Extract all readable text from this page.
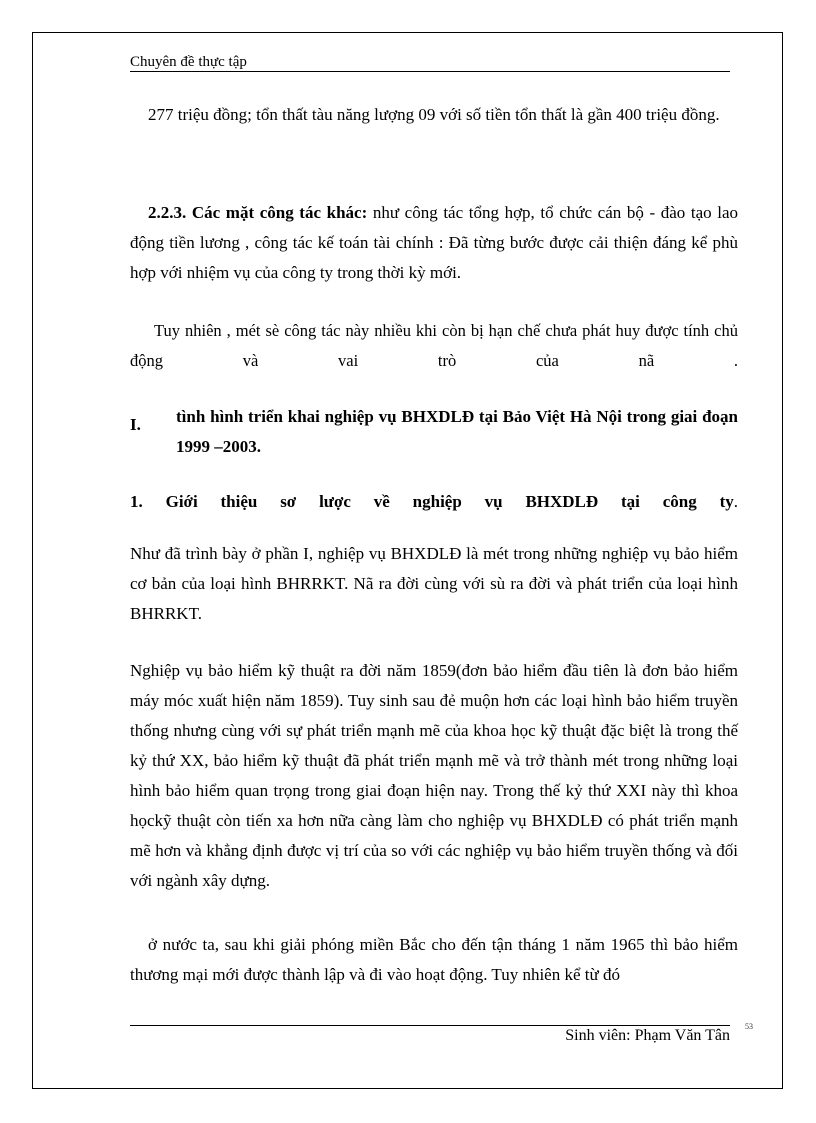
Chuyên đề thực tập

277 triệu đồng; tổn thất tàu năng lượng 09 với số tiền tổn thất là gần 400 triệu đồng.

2.2.3. Các mặt công tác khác: như công tác tổng hợp, tổ chức cán bộ - đào tạo lao động tiền lương , công tác kế toán tài chính : Đã từng bước được cải thiện đáng kể phù hợp với nhiệm vụ của công ty trong thời kỳ mới.

Tuy nhiên , mét sè công tác này nhiều khi còn bị hạn chế chưa phát huy được tính chủ động và vai trò của nã .

I. tình hình triển khai nghiệp vụ BHXDLĐ tại Bảo Việt Hà Nội trong giai đoạn 1999 –2003.

1. Giới thiệu sơ lược về nghiệp vụ BHXDLĐ tại công ty.

Như đã trình bày ở phần I, nghiệp vụ BHXDLĐ là mét trong những nghiệp vụ bảo hiểm cơ bản của loại hình BHRRKT. Nã ra đời cùng với sù ra đời và phát triển của loại hình BHRRKT.

Nghiệp vụ bảo hiểm kỹ thuật ra đời năm 1859(đơn bảo hiểm đầu tiên là đơn bảo hiểm máy móc xuất hiện năm 1859). Tuy sinh sau đẻ muộn hơn các loại hình bảo hiểm truyền thống nhưng cùng với sự phát triển mạnh mẽ của khoa học kỹ thuật đặc biệt là trong thế kỷ thứ XX, bảo hiểm kỹ thuật đã phát triển mạnh mẽ và trở thành mét trong những loại hình bảo hiểm quan trọng trong giai đoạn hiện nay. Trong thế kỷ thứ XXI này thì khoa họckỹ thuật còn tiến xa hơn nữa càng làm cho nghiệp vụ BHXDLĐ có phát triển mạnh mẽ hơn và khẳng định được vị trí của so với các nghiệp vụ bảo hiểm truyền thống và đối với ngành xây dựng.

ở nước ta, sau khi giải phóng miền Bắc cho đến tận tháng 1 năm 1965 thì bảo hiểm thương mại mới được thành lập và đi vào hoạt động. Tuy nhiên kể từ đó

53
Sinh viên: Phạm Văn Tân
